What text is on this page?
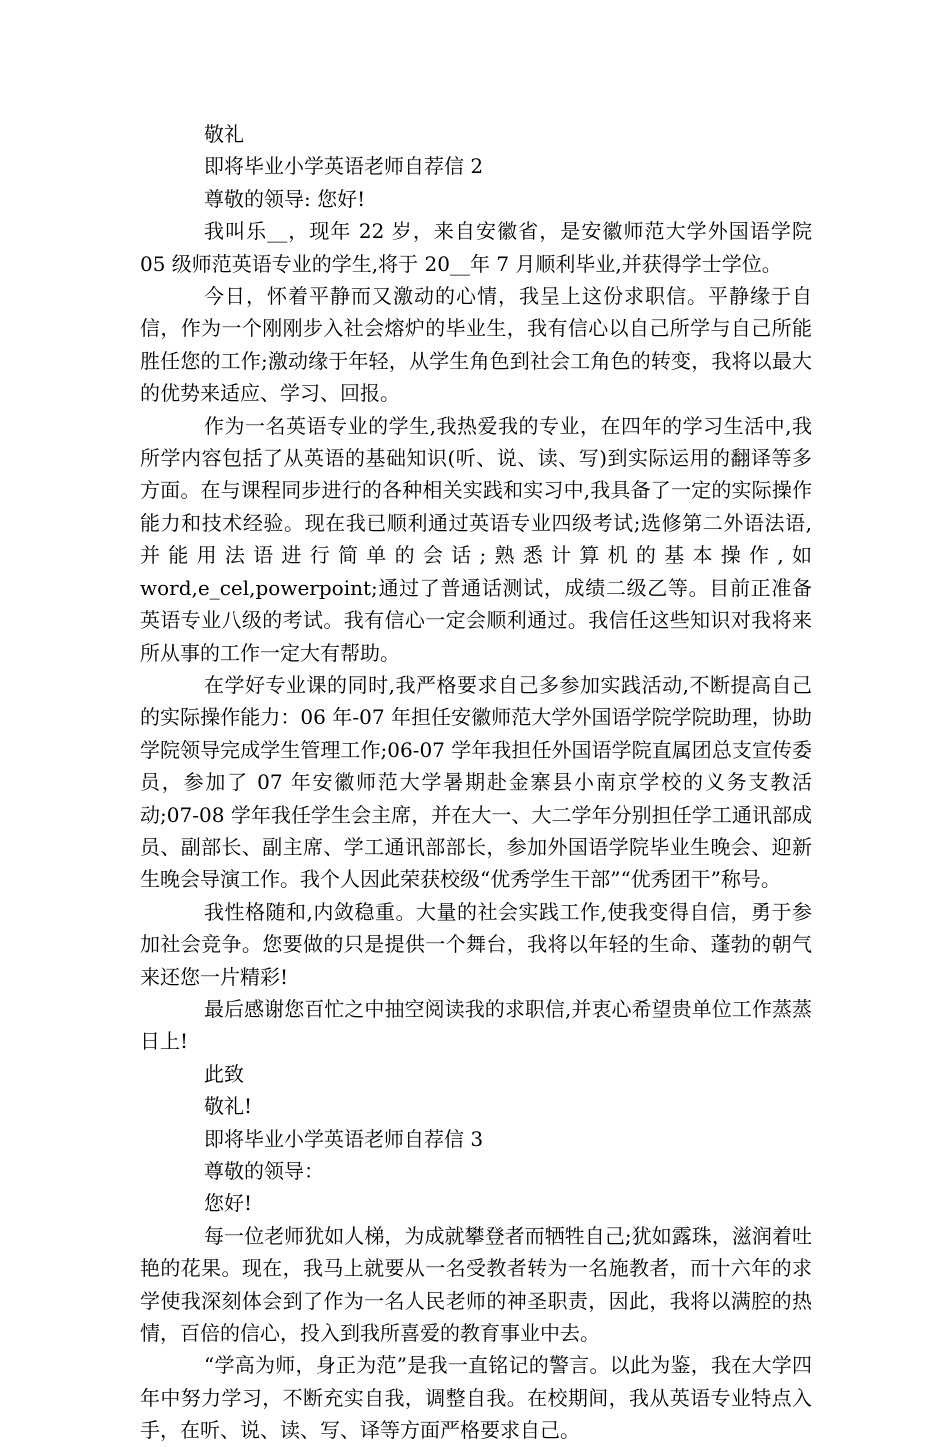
敬礼

即将毕业小学英语老师自荐信 2

尊敬的领导: 您好!

我叫乐__，现年 22 岁，来自安徽省，是安徽师范大学外国语学院 05 级师范英语专业的学生,将于 20__年 7 月顺利毕业,并获得学士学位。

今日，怀着平静而又激动的心情，我呈上这份求职信。平静缘于自信，作为一个刚刚步入社会熔炉的毕业生，我有信心以自己所学与自己所能胜任您的工作;激动缘于年轻，从学生角色到社会工角色的转变，我将以最大的优势来适应、学习、回报。

作为一名英语专业的学生,我热爱我的专业，在四年的学习生活中,我所学内容包括了从英语的基础知识(听、说、读、写)到实际运用的翻译等多方面。在与课程同步进行的各种相关实践和实习中,我具备了一定的实际操作能力和技术经验。现在我已顺利通过英语专业四级考试;选修第二外语法语,并能用法语进行简单的会话;熟悉计算机的基本操作,如 word,e_cel,powerpoint;通过了普通话测试，成绩二级乙等。目前正准备英语专业八级的考试。我有信心一定会顺利通过。我信任这些知识对我将来所从事的工作一定大有帮助。

在学好专业课的同时,我严格要求自己多参加实践活动,不断提高自己的实际操作能力：06 年-07 年担任安徽师范大学外国语学院学院助理，协助学院领导完成学生管理工作;06-07 学年我担任外国语学院直属团总支宣传委员，参加了 07 年安徽师范大学暑期赴金寨县小南京学校的义务支教活动;07-08 学年我任学生会主席，并在大一、大二学年分别担任学工通讯部成员、副部长、副主席、学工通讯部部长，参加外国语学院毕业生晚会、迎新生晚会导演工作。我个人因此荣获校级“优秀学生干部”“优秀团干”称号。

我性格随和,内敛稳重。大量的社会实践工作,使我变得自信，勇于参加社会竞争。您要做的只是提供一个舞台，我将以年轻的生命、蓬勃的朝气来还您一片精彩!

最后感谢您百忙之中抽空阅读我的求职信,并衷心希望贵单位工作蒸蒸日上!

此致

敬礼!

即将毕业小学英语老师自荐信 3

尊敬的领导：

您好!

每一位老师犹如人梯，为成就攀登者而牺牲自己;犹如露珠，滋润着吐艳的花果。现在，我马上就要从一名受教者转为一名施教者，而十六年的求学使我深刻体会到了作为一名人民老师的神圣职责，因此，我将以满腔的热情，百倍的信心，投入到我所喜爱的教育事业中去。

“学高为师，身正为范”是我一直铭记的警言。以此为鉴，我在大学四年中努力学习，不断充实自我，调整自我。在校期间，我从英语专业特点入手，在听、说、读、写、译等方面严格要求自己。
